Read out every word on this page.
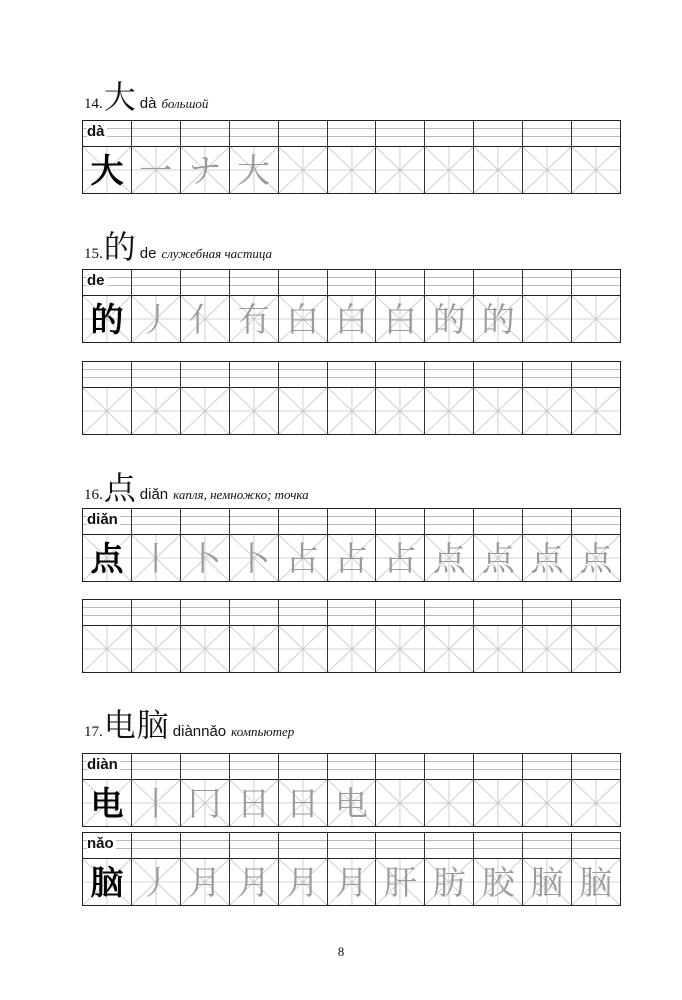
14. 大 dà большой
dà
大 一 ナ 大
15. 的 de служебная частица
de
的 丿 亻 冇 白 白 白 的 的
16. 点 diǎn капля, немножко; точка
diǎn
点 丨 卜 卜 占 占 占 点 点 点 点
17. 电脑 diànnǎo компьютер
diàn
电 丨 冂 日 日 电
nǎo
脑 丿 月 月 月 月 肝 肪 胶 脑 脑
8
